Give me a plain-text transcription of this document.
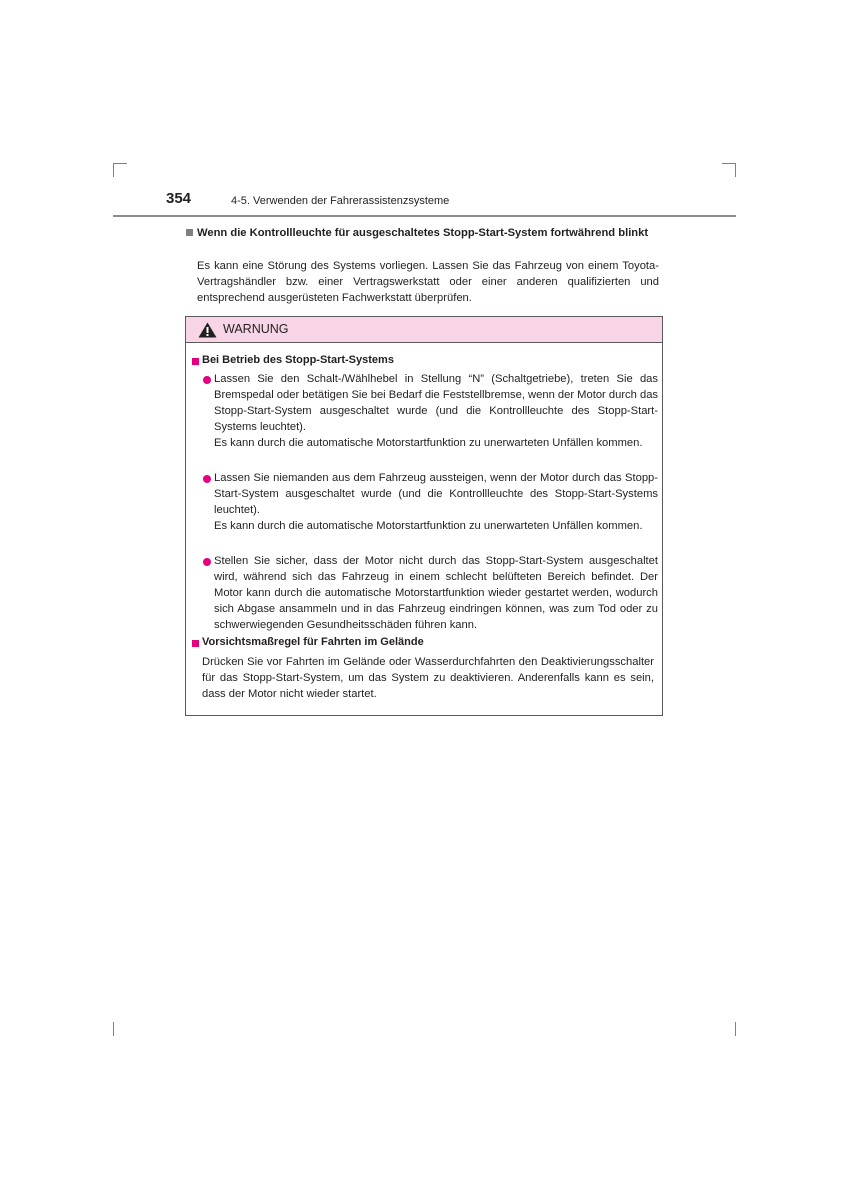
354	4-5. Verwenden der Fahrerassistenzsysteme
Wenn die Kontrollleuchte für ausgeschaltetes Stopp-Start-System fortwährend blinkt
Es kann eine Störung des Systems vorliegen. Lassen Sie das Fahrzeug von einem Toyota-Vertragshändler bzw. einer Vertragswerkstatt oder einer anderen qualifizierten und entsprechend ausgerüsteten Fachwerkstatt überprüfen.
WARNUNG
Bei Betrieb des Stopp-Start-Systems

Lassen Sie den Schalt-/Wählhebel in Stellung “N” (Schaltgetriebe), treten Sie das Bremspedal oder betätigen Sie bei Bedarf die Feststellbremse, wenn der Motor durch das Stopp-Start-System ausgeschaltet wurde (und die Kontrollleuchte des Stopp-Start-Systems leuchtet).

Es kann durch die automatische Motorstartfunktion zu unerwarteten Unfällen kommen.

Lassen Sie niemanden aus dem Fahrzeug aussteigen, wenn der Motor durch das Stopp-Start-System ausgeschaltet wurde (und die Kontrollleuchte des Stopp-Start-Systems leuchtet).

Es kann durch die automatische Motorstartfunktion zu unerwarteten Unfällen kommen.

Stellen Sie sicher, dass der Motor nicht durch das Stopp-Start-System ausgeschaltet wird, während sich das Fahrzeug in einem schlecht belüfteten Bereich befindet. Der Motor kann durch die automatische Motorstartfunktion wieder gestartet werden, wodurch sich Abgase ansammeln und in das Fahrzeug eindringen können, was zum Tod oder zu schwerwiegenden Gesundheitsschäden führen kann.

Vorsichtsmaßregel für Fahrten im Gelände
Drücken Sie vor Fahrten im Gelände oder Wasserdurchfahrten den Deaktivierungsschalter für das Stopp-Start-System, um das System zu deaktivieren. Anderenfalls kann es sein, dass der Motor nicht wieder startet.
